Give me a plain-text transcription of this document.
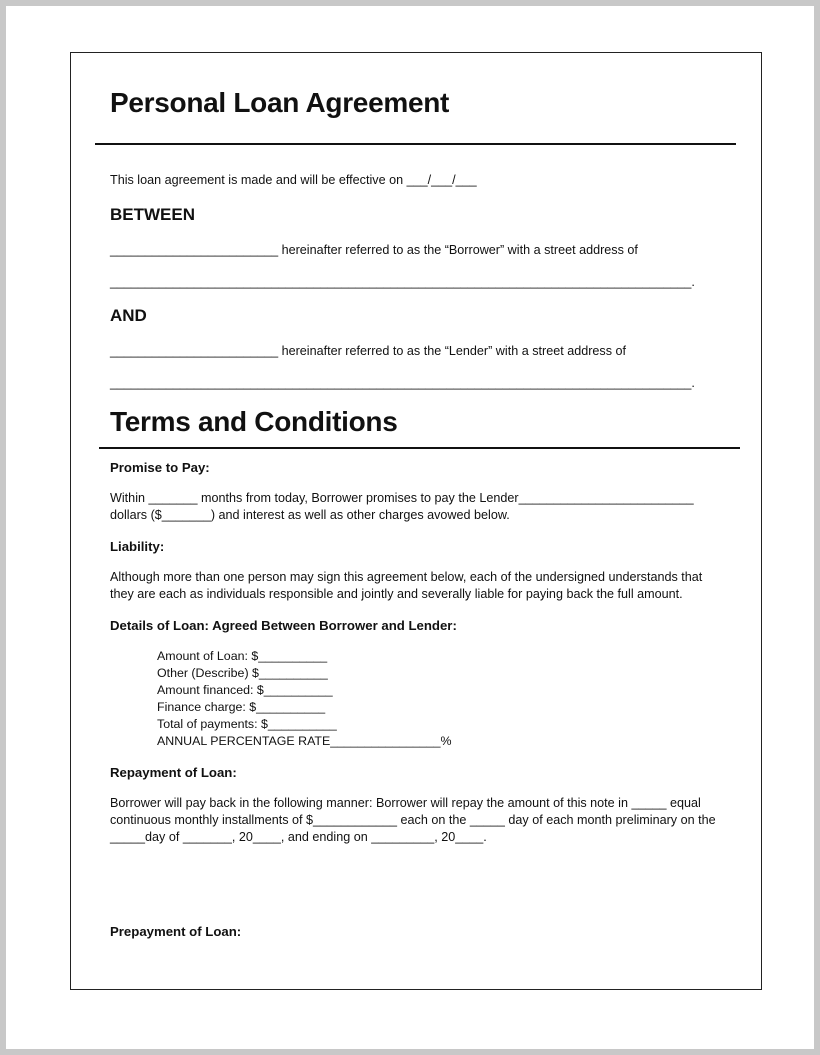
Personal Loan Agreement
This loan agreement is made and will be effective on ___/___/___
BETWEEN
________________________ hereinafter referred to as the “Borrower” with a street address of
___________________________________________________________________________________.
AND
________________________ hereinafter referred to as the “Lender” with a street address of
___________________________________________________________________________________.
Terms and Conditions
Promise to Pay:
Within _______ months from today, Borrower promises to pay the Lender_________________________
dollars ($_______) and interest as well as other charges avowed below.
Liability:
Although more than one person may sign this agreement below, each of the undersigned understands that
they are each as individuals responsible and jointly and severally liable for paying back the full amount.
Details of Loan: Agreed Between Borrower and Lender:
Amount of Loan: $__________
Other (Describe) $__________
Amount financed: $__________
Finance charge: $__________
Total of payments: $__________
ANNUAL PERCENTAGE RATE________________%
Repayment of Loan:
Borrower will pay back in the following manner: Borrower will repay the amount of this note in _____ equal
continuous monthly installments of $____________ each on the _____ day of each month preliminary on the
_____day of _______, 20____, and ending on _________, 20____.
Prepayment of Loan:
